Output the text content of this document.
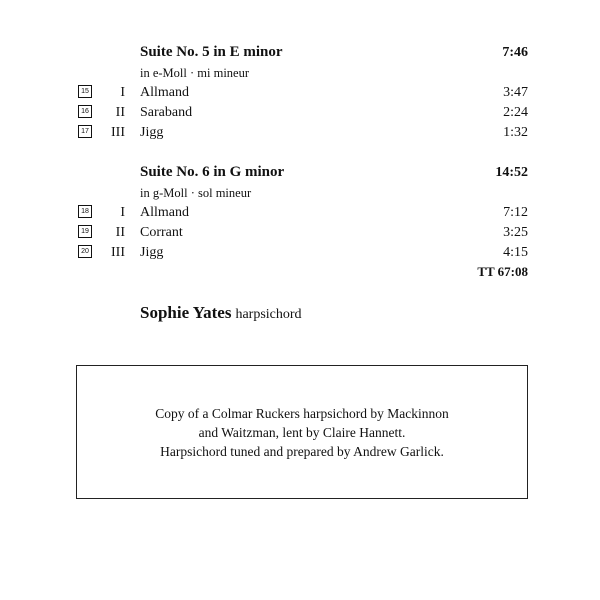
Suite No. 5 in E minor	7:46
in e-Moll · mi mineur
15	I Allmand	3:47
16	II Saraband	2:24
17	III Jigg	1:32
Suite No. 6 in G minor	14:52
in g-Moll · sol mineur
18	I Allmand	7:12
19	II Corrant	3:25
20	III Jigg	4:15
TT 67:08
Sophie Yates harpsichord
Copy of a Colmar Ruckers harpsichord by Mackinnon
and Waitzman, lent by Claire Hannett.
Harpsichord tuned and prepared by Andrew Garlick.
